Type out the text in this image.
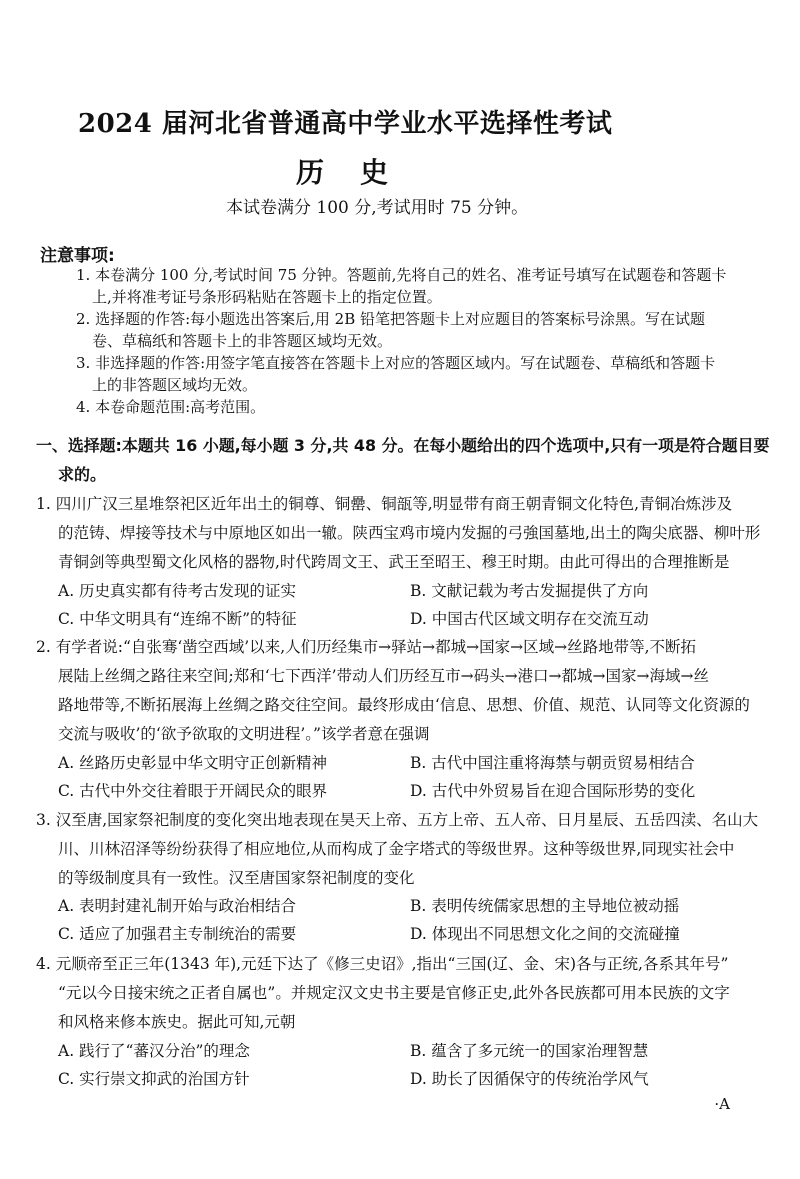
2024 届河北省普通高中学业水平选择性考试
历史
本试卷满分 100 分,考试用时 75 分钟。
注意事项:
1. 本卷满分 100 分,考试时间 75 分钟。答题前,先将自己的姓名、准考证号填写在试题卷和答题卡
上,并将准考证号条形码粘贴在答题卡上的指定位置。
2. 选择题的作答:每小题选出答案后,用 2B 铅笔把答题卡上对应题目的答案标号涂黑。写在试题
卷、草稿纸和答题卡上的非答题区域均无效。
3. 非选择题的作答:用签字笔直接答在答题卡上对应的答题区域内。写在试题卷、草稿纸和答题卡
上的非答题区域均无效。
4. 本卷命题范围:高考范围。
一、选择题:本题共 16 小题,每小题 3 分,共 48 分。在每小题给出的四个选项中,只有一项是符合题目要
求的。
1. 四川广汉三星堆祭祀区近年出土的铜尊、铜罍、铜瓿等,明显带有商王朝青铜文化特色,青铜冶炼涉及
的范铸、焊接等技术与中原地区如出一辙。陕西宝鸡市境内发掘的弓強国墓地,出土的陶尖底器、柳叶形
青铜剑等典型蜀文化风格的器物,时代跨周文王、武王至昭王、穆王时期。由此可得出的合理推断是
A. 历史真实都有待考古发现的证实	B. 文献记载为考古发掘提供了方向
C. 中华文明具有“连绵不断”的特征	D. 中国古代区域文明存在交流互动
2. 有学者说:“自张骞‘凿空西域’以来,人们历经集市→驿站→都城→国家→区域→丝路地带等,不断拓
展陆上丝绸之路往来空间;郑和‘七下西洋’带动人们历经互市→码头→港口→都城→国家→海域→丝
路地带等,不断拓展海上丝绸之路交往空间。最终形成由‘信息、思想、价值、规范、认同等文化资源的
交流与吸收’的‘欲予欲取的文明进程’。”该学者意在强调
A. 丝路历史彰显中华文明守正创新精神	B. 古代中国注重将海禁与朝贡贸易相结合
C. 古代中外交往着眼于开阔民众的眼界	D. 古代中外贸易旨在迎合国际形势的变化
3. 汉至唐,国家祭祀制度的变化突出地表现在昊天上帝、五方上帝、五人帝、日月星辰、五岳四渎、名山大
川、川林沼泽等纷纷获得了相应地位,从而构成了金字塔式的等级世界。这种等级世界,同现实社会中
的等级制度具有一致性。汉至唐国家祭祀制度的变化
A. 表明封建礼制开始与政治相结合	B. 表明传统儒家思想的主导地位被动摇
C. 适应了加强君主专制统治的需要	D. 体现出不同思想文化之间的交流碰撞
4. 元顺帝至正三年(1343 年),元廷下达了《修三史诏》,指出“三国(辽、金、宋)各与正统,各系其年号”
“元以今日接宋统之正者自属也”。并规定汉文史书主要是官修正史,此外各民族都可用本民族的文字
和风格来修本族史。据此可知,元朝
A. 践行了“蕃汉分治”的理念	B. 蕴含了多元统一的国家治理智慧
C. 实行崇文抑武的治国方针	D. 助长了因循保守的传统治学风气
·A
